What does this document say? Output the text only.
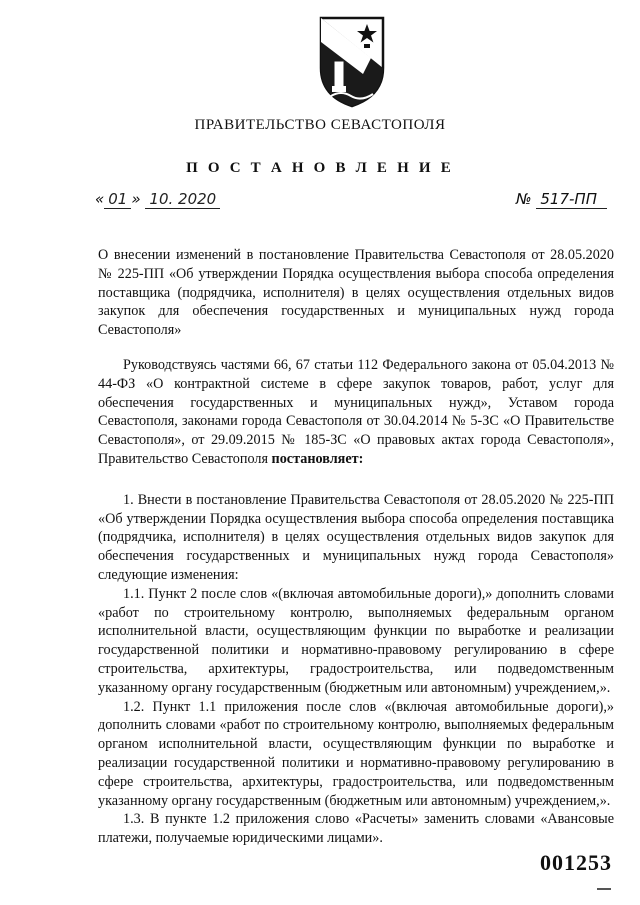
ПРАВИТЕЛЬСТВО СЕВАСТОПОЛЯ
П О С Т А Н О В Л Е Н И Е
« 01 » 10. 2020	№ 517-ПП
О внесении изменений в постановление Правительства Севастополя от 28.05.2020 № 225-ПП «Об утверждении Порядка осуществления выбора способа определения поставщика (подрядчика, исполнителя) в целях осуществления отдельных видов закупок для обеспечения государственных и муниципальных нужд города Севастополя»

Руководствуясь частями 66, 67 статьи 112 Федерального закона от 05.04.2013 № 44-ФЗ «О контрактной системе в сфере закупок товаров, работ, услуг для обеспечения государственных и муниципальных нужд», Уставом города Севастополя, законами города Севастополя от 30.04.2014 № 5-ЗС «О Правительстве Севастополя», от 29.09.2015 № 185-ЗС «О правовых актах города Севастополя», Правительство Севастополя постановляет:

1. Внести в постановление Правительства Севастополя от 28.05.2020 № 225-ПП «Об утверждении Порядка осуществления выбора способа определения поставщика (подрядчика, исполнителя) в целях осуществления отдельных видов закупок для обеспечения государственных и муниципальных нужд города Севастополя» следующие изменения:

1.1. Пункт 2 после слов «(включая автомобильные дороги),» дополнить словами «работ по строительному контролю, выполняемых федеральным органом исполнительной власти, осуществляющим функции по выработке и реализации государственной политики и нормативно-правовому регулированию в сфере строительства, архитектуры, градостроительства, или подведомственным указанному органу государственным (бюджетным или автономным) учреждением,».

1.2. Пункт 1.1 приложения после слов «(включая автомобильные дороги),» дополнить словами «работ по строительному контролю, выполняемых федеральным органом исполнительной власти, осуществляющим функции по выработке и реализации государственной политики и нормативно-правовому регулированию в сфере строительства, архитектуры, градостроительства, или подведомственным указанному органу государственным (бюджетным или автономным) учреждением,».

1.3. В пункте 1.2 приложения слово «Расчеты» заменить словами «Авансовые платежи, получаемые юридическими лицами».

001253
